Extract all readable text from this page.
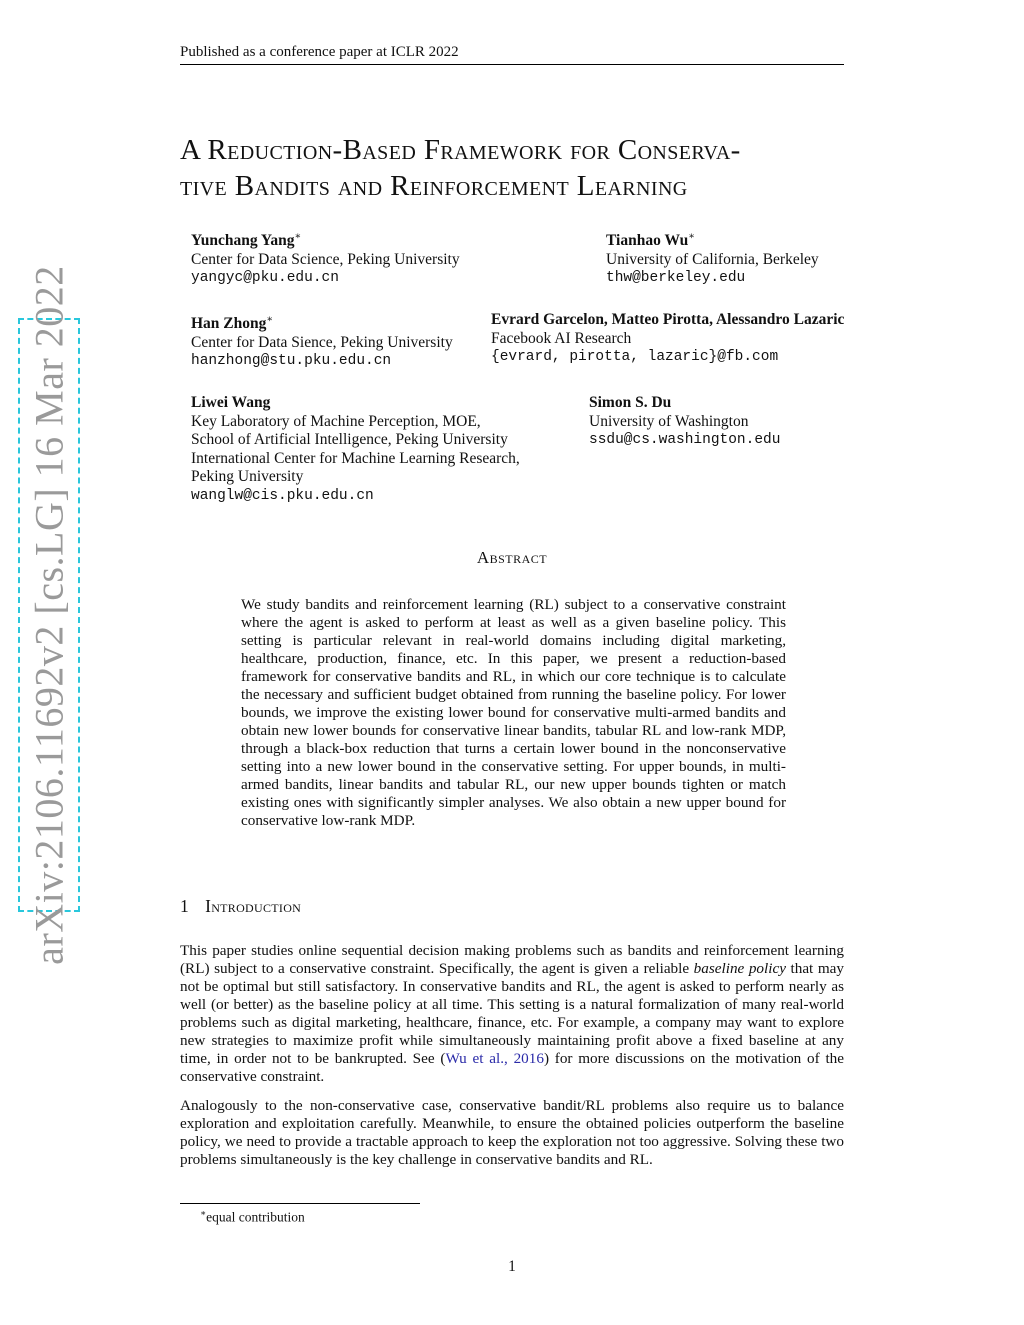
Published as a conference paper at ICLR 2022
A Reduction-Based Framework for Conserva-
tive Bandits and Reinforcement Learning
Yunchang Yang∗
Center for Data Science, Peking University
yangyc@pku.edu.cn
Tianhao Wu∗
University of California, Berkeley
thw@berkeley.edu
Han Zhong∗
Center for Data Sience, Peking University
hanzhong@stu.pku.edu.cn
Evrard Garcelon, Matteo Pirotta, Alessandro Lazaric
Facebook AI Research
{evrard, pirotta, lazaric}@fb.com
Liwei Wang
Key Laboratory of Machine Perception, MOE,
School of Artificial Intelligence, Peking University
International Center for Machine Learning Research,
Peking University
wanglw@cis.pku.edu.cn
Simon S. Du
University of Washington
ssdu@cs.washington.edu
Abstract
We study bandits and reinforcement learning (RL) subject to a conservative constraint where the agent is asked to perform at least as well as a given baseline policy. This setting is particular relevant in real-world domains including digital marketing, healthcare, production, finance, etc. In this paper, we present a reduction-based framework for conservative bandits and RL, in which our core technique is to calculate the necessary and sufficient budget obtained from running the baseline policy. For lower bounds, we improve the existing lower bound for conservative multi-armed bandits and obtain new lower bounds for conservative linear bandits, tabular RL and low-rank MDP, through a black-box reduction that turns a certain lower bound in the nonconservative setting into a new lower bound in the conservative setting. For upper bounds, in multi-armed bandits, linear bandits and tabular RL, our new upper bounds tighten or match existing ones with significantly simpler analyses. We also obtain a new upper bound for conservative low-rank MDP.
1 Introduction
This paper studies online sequential decision making problems such as bandits and reinforcement learning (RL) subject to a conservative constraint. Specifically, the agent is given a reliable baseline policy that may not be optimal but still satisfactory. In conservative bandits and RL, the agent is asked to perform nearly as well (or better) as the baseline policy at all time. This setting is a natural formalization of many real-world problems such as digital marketing, healthcare, finance, etc. For example, a company may want to explore new strategies to maximize profit while simultaneously maintaining profit above a fixed baseline at any time, in order not to be bankrupted. See (Wu et al., 2016) for more discussions on the motivation of the conservative constraint.
Analogously to the non-conservative case, conservative bandit/RL problems also require us to balance exploration and exploitation carefully. Meanwhile, to ensure the obtained policies outperform the baseline policy, we need to provide a tractable approach to keep the exploration not too aggressive. Solving these two problems simultaneously is the key challenge in conservative bandits and RL.
∗equal contribution
1
arXiv:2106.11692v2 [cs.LG] 16 Mar 2022
